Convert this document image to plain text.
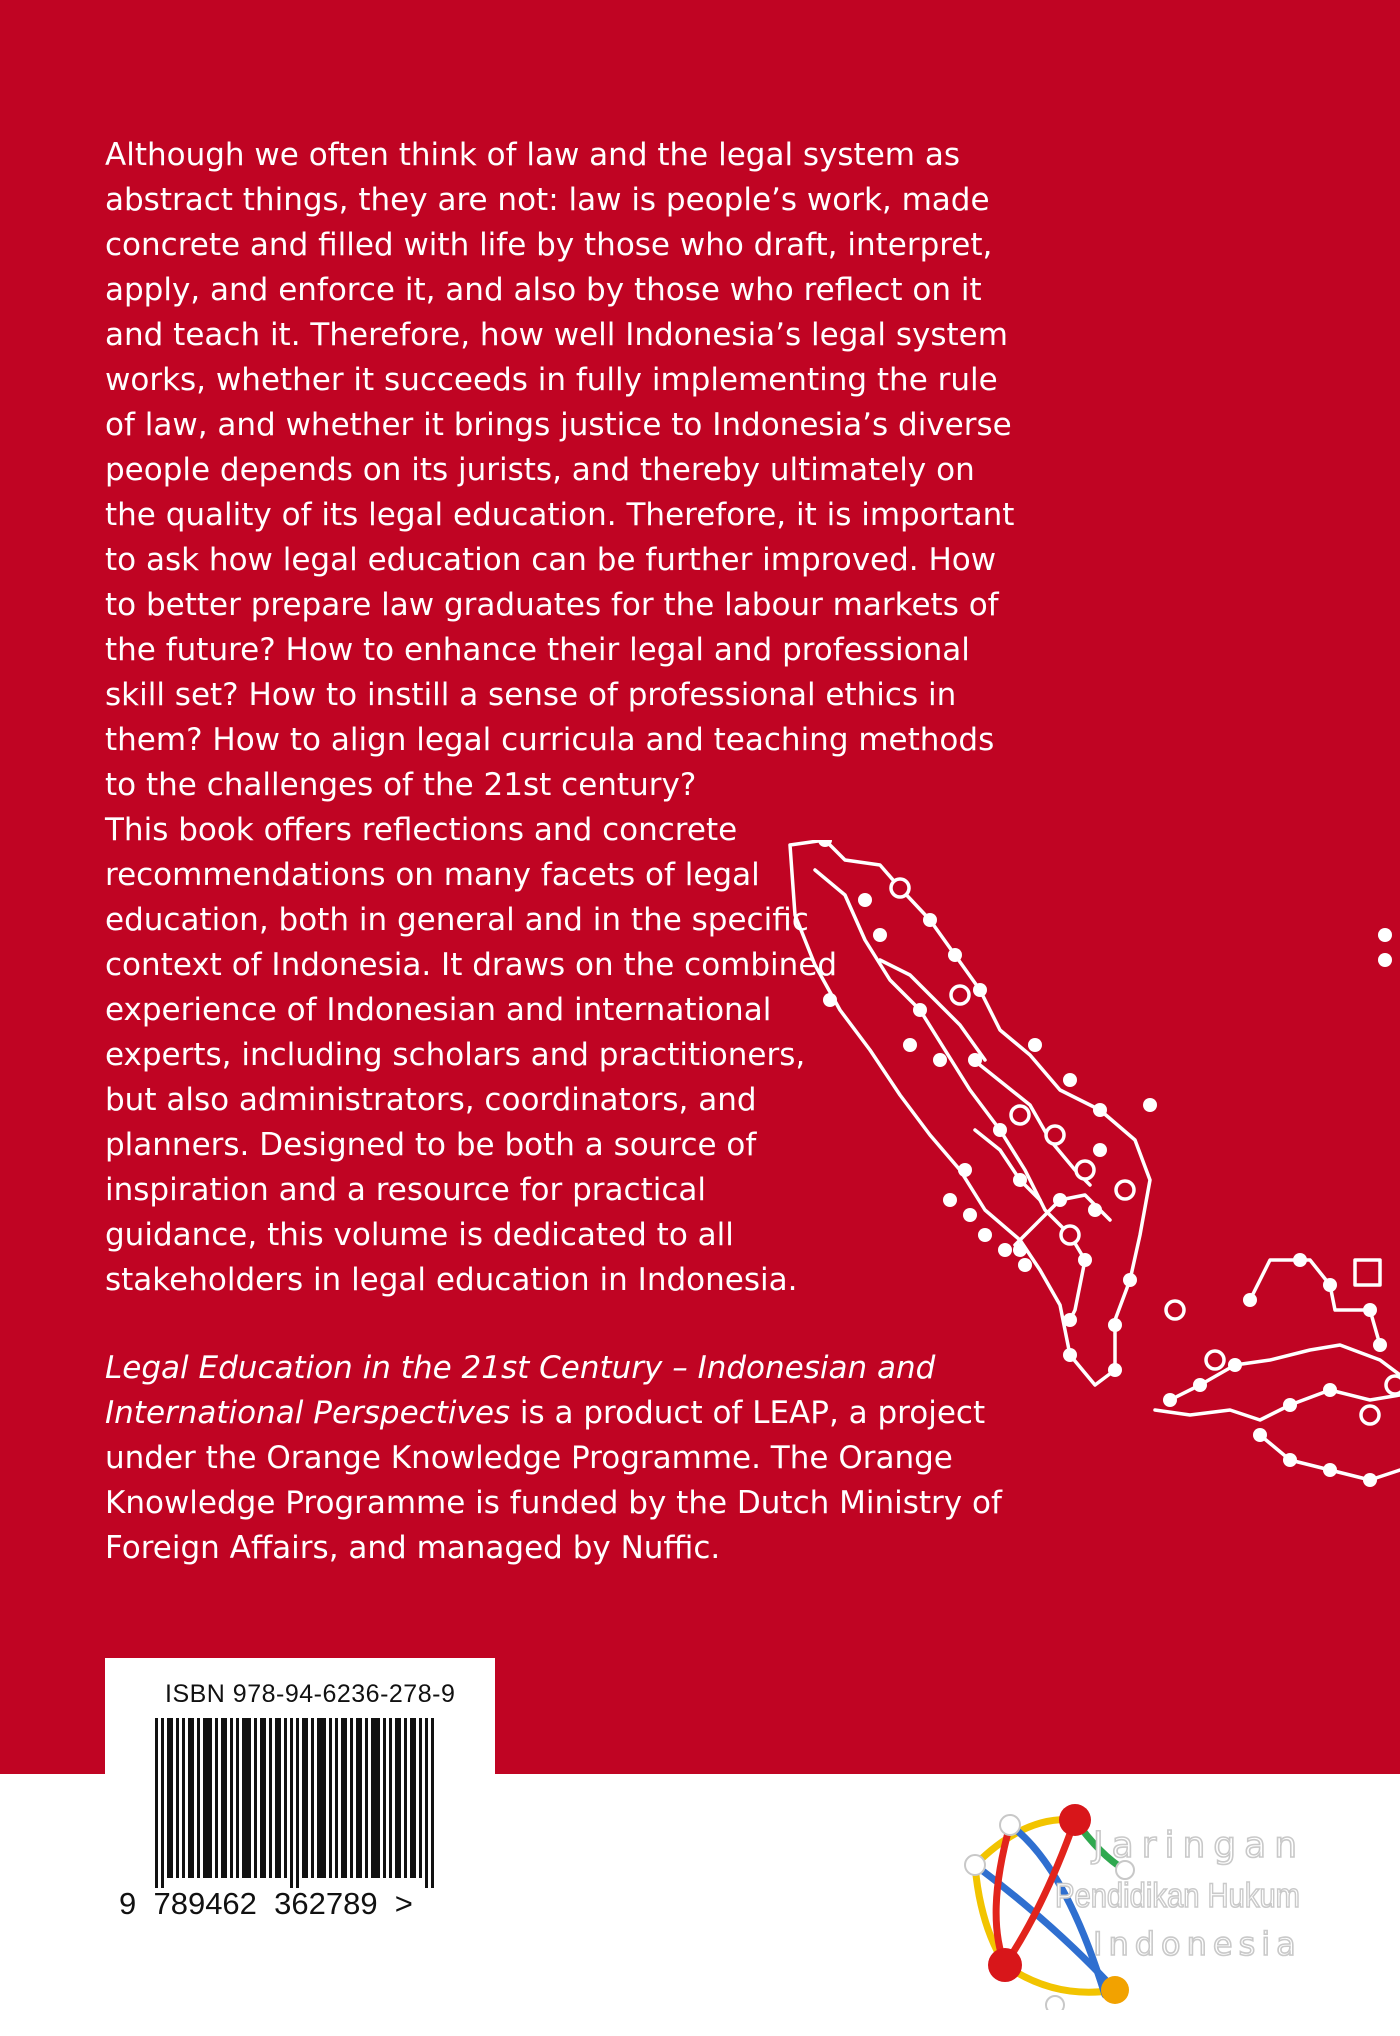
Although we often think of law and the legal system as abstract things, they are not: law is people’s work, made concrete and filled with life by those who draft, interpret, apply, and enforce it, and also by those who reflect on it and teach it. Therefore, how well Indonesia’s legal system works, whether it succeeds in fully implementing the rule of law, and whether it brings justice to Indonesia’s diverse people depends on its jurists, and thereby ultimately on the quality of its legal education. Therefore, it is important to ask how legal education can be further improved. How to better prepare law graduates for the labour markets of the future? How to enhance their legal and professional skill set? How to instill a sense of professional ethics in them? How to align legal curricula and teaching methods to the challenges of the 21st century?

This book offers reflections and concrete recommendations on many facets of legal education, both in general and in the specific context of Indonesia. It draws on the combined experience of Indonesian and international experts, including scholars and practitioners, but also administrators, coordinators, and planners. Designed to be both a source of inspiration and a resource for practical guidance, this volume is dedicated to all stakeholders in legal education in Indonesia.

Legal Education in the 21st Century – Indonesian and International Perspectives is a product of LEAP, a project under the Orange Knowledge Programme. The Orange Knowledge Programme is funded by the Dutch Ministry of Foreign Affairs, and managed by Nuffic.

ISBN 978-94-6236-278-9
9  789462  362789  >
Jaringan
Pendidikan Hukum
Indonesia
